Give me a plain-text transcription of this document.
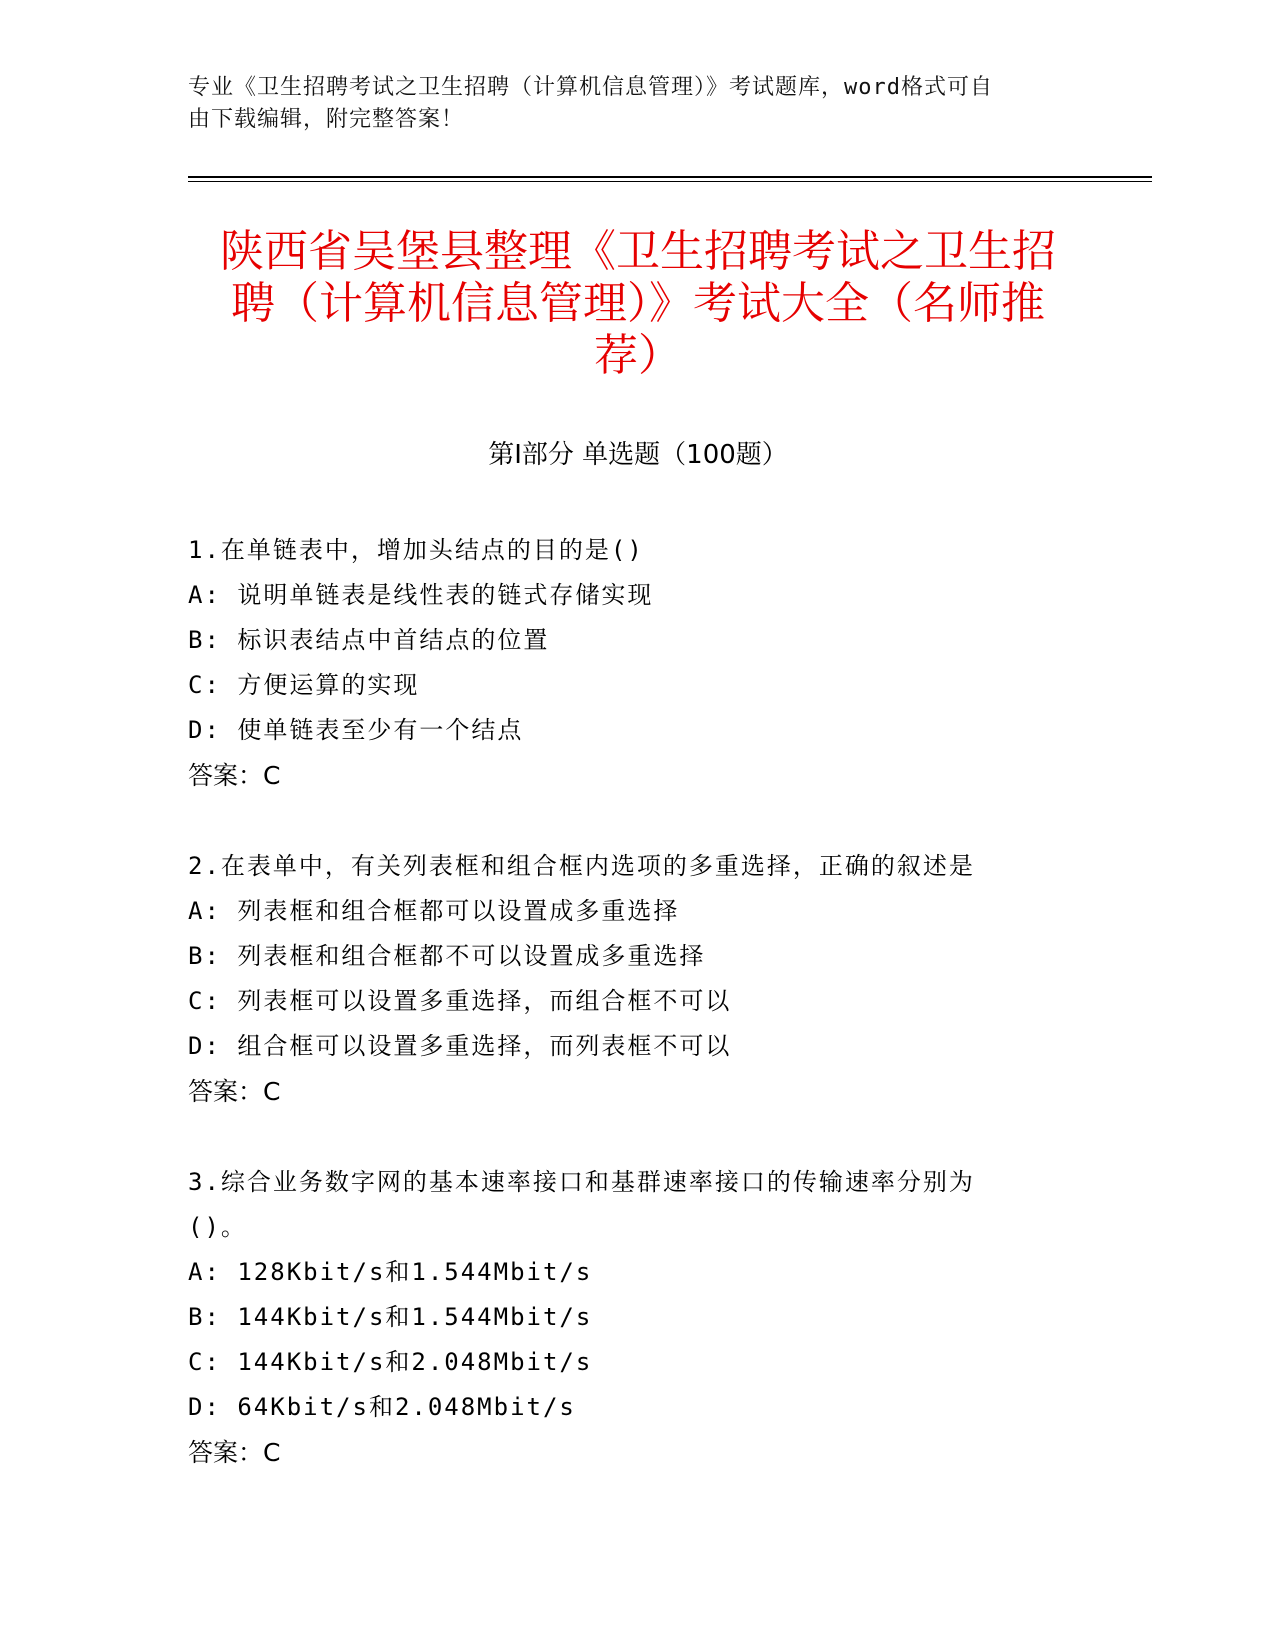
专业《卫生招聘考试之卫生招聘（计算机信息管理）》考试题库，word格式可自
由下载编辑，附完整答案！
陕西省吴堡县整理《卫生招聘考试之卫生招
聘（计算机信息管理）》考试大全（名师推
荐）
第Ⅰ部分 单选题（100题）
1.在单链表中，增加头结点的目的是()
A: 说明单链表是线性表的链式存储实现
B: 标识表结点中首结点的位置
C: 方便运算的实现
D: 使单链表至少有一个结点
答案：C
2.在表单中，有关列表框和组合框内选项的多重选择，正确的叙述是
A: 列表框和组合框都可以设置成多重选择
B: 列表框和组合框都不可以设置成多重选择
C: 列表框可以设置多重选择，而组合框不可以
D: 组合框可以设置多重选择，而列表框不可以
答案：C
3.综合业务数字网的基本速率接口和基群速率接口的传输速率分别为
()。
A: 128Kbit/s和1.544Mbit/s
B: 144Kbit/s和1.544Mbit/s
C: 144Kbit/s和2.048Mbit/s
D: 64Kbit/s和2.048Mbit/s
答案：C
